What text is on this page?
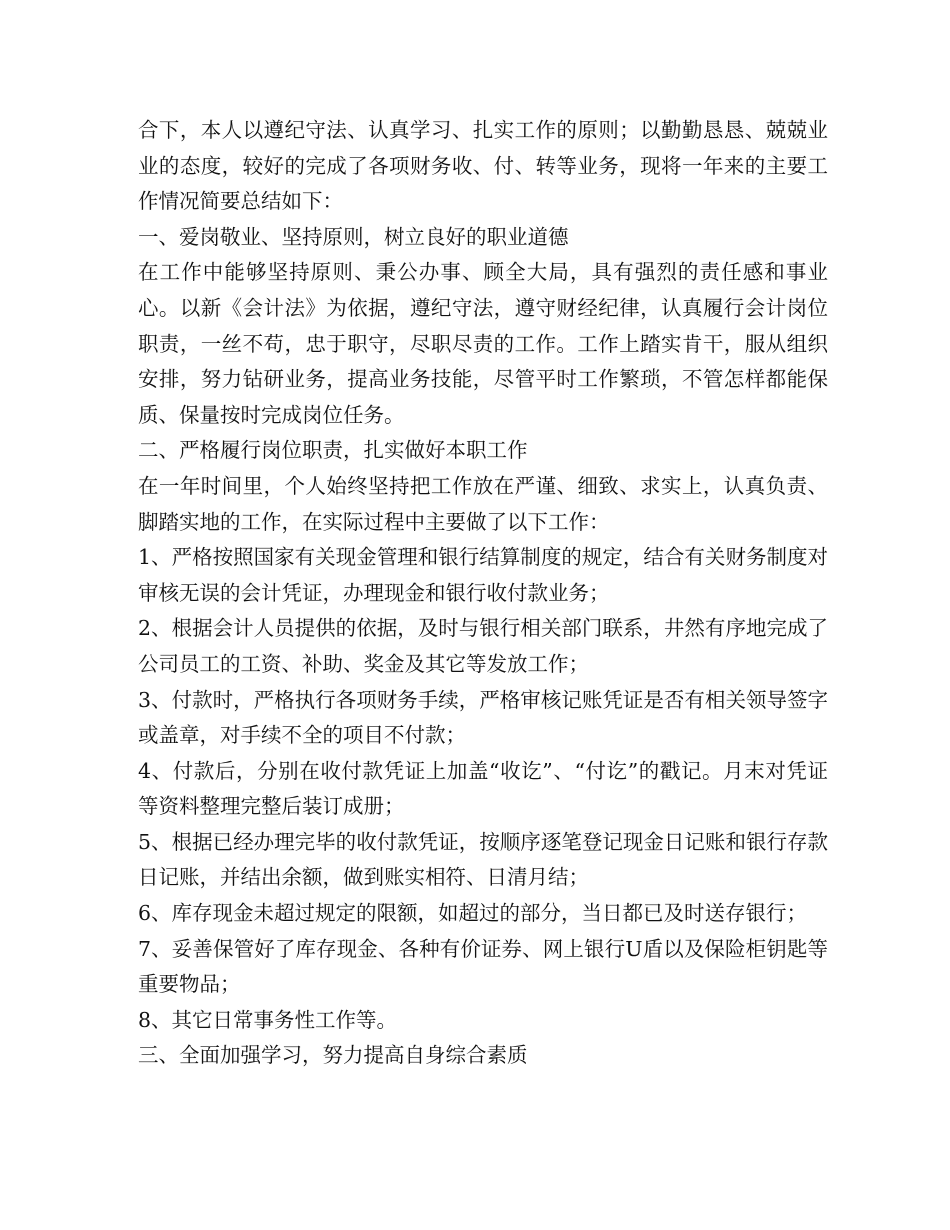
合下，本人以遵纪守法、认真学习、扎实工作的原则；以勤勤恳恳、兢兢业业的态度，较好的完成了各项财务收、付、转等业务，现将一年来的主要工作情况简要总结如下：

一、爱岗敬业、坚持原则，树立良好的职业道德

在工作中能够坚持原则、秉公办事、顾全大局，具有强烈的责任感和事业心。以新《会计法》为依据，遵纪守法，遵守财经纪律，认真履行会计岗位职责，一丝不苟，忠于职守，尽职尽责的工作。工作上踏实肯干，服从组织安排，努力钻研业务，提高业务技能，尽管平时工作繁琐，不管怎样都能保质、保量按时完成岗位任务。

二、严格履行岗位职责，扎实做好本职工作

在一年时间里，个人始终坚持把工作放在严谨、细致、求实上，认真负责、脚踏实地的工作，在实际过程中主要做了以下工作：

1、严格按照国家有关现金管理和银行结算制度的规定，结合有关财务制度对审核无误的会计凭证，办理现金和银行收付款业务；

2、根据会计人员提供的依据，及时与银行相关部门联系，井然有序地完成了公司员工的工资、补助、奖金及其它等发放工作；

3、付款时，严格执行各项财务手续，严格审核记账凭证是否有相关领导签字或盖章，对手续不全的项目不付款；

4、付款后，分别在收付款凭证上加盖“收讫”、“付讫”的戳记。月末对凭证等资料整理完整后装订成册；

5、根据已经办理完毕的收付款凭证，按顺序逐笔登记现金日记账和银行存款日记账，并结出余额，做到账实相符、日清月结；

6、库存现金未超过规定的限额，如超过的部分，当日都已及时送存银行；

7、妥善保管好了库存现金、各种有价证券、网上银行U盾以及保险柜钥匙等重要物品；

8、其它日常事务性工作等。

三、全面加强学习，努力提高自身综合素质
